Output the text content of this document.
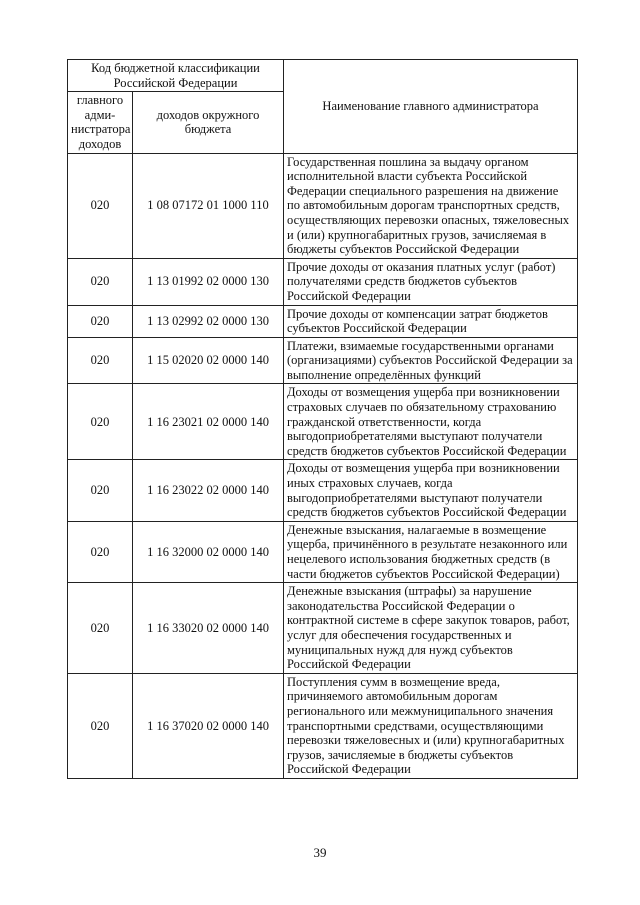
Код бюджетной классификации Российской Федерации		Наименование главного администратора
главного адми-нистратора доходов	доходов окружного бюджета	
020	1 08 07172 01 1000 110	Государственная пошлина за выдачу органом исполнительной власти субъекта Российской Федерации специального разрешения на движение по автомобильным дорогам транспортных средств, осуществляющих перевозки опасных, тяжеловесных и (или) крупногабаритных грузов, зачисляемая в бюджеты субъектов Российской Федерации
020	1 13 01992 02 0000 130	Прочие доходы от оказания платных услуг (работ) получателями средств бюджетов субъектов Российской Федерации
020	1 13 02992 02 0000 130	Прочие доходы от компенсации затрат бюджетов субъектов Российской Федерации
020	1 15 02020 02 0000 140	Платежи, взимаемые государственными органами (организациями) субъектов Российской Федерации за выполнение определённых функций
020	1 16 23021 02 0000 140	Доходы от возмещения ущерба при возникновении страховых случаев по обязательному страхованию гражданской ответственности, когда выгодоприобретателями выступают получатели средств бюджетов субъектов Российской Федерации
020	1 16 23022 02 0000 140	Доходы от возмещения ущерба при возникновении иных страховых случаев, когда выгодоприобретателями выступают получатели средств бюджетов субъектов Российской Федерации
020	1 16 32000 02 0000 140	Денежные взыскания, налагаемые в возмещение ущерба, причинённого в результате незаконного или нецелевого использования бюджетных средств (в части бюджетов субъектов Российской Федерации)
020	1 16 33020 02 0000 140	Денежные взыскания (штрафы) за нарушение законодательства Российской Федерации о контрактной системе в сфере закупок товаров, работ, услуг для обеспечения государственных и муниципальных нужд для нужд субъектов Российской Федерации
020	1 16 37020 02 0000 140	Поступления сумм в возмещение вреда, причиняемого автомобильным дорогам регионального или межмуниципального значения транспортными средствами, осуществляющими перевозки тяжеловесных и (или) крупногабаритных грузов, зачисляемые в бюджеты субъектов Российской Федерации
39
